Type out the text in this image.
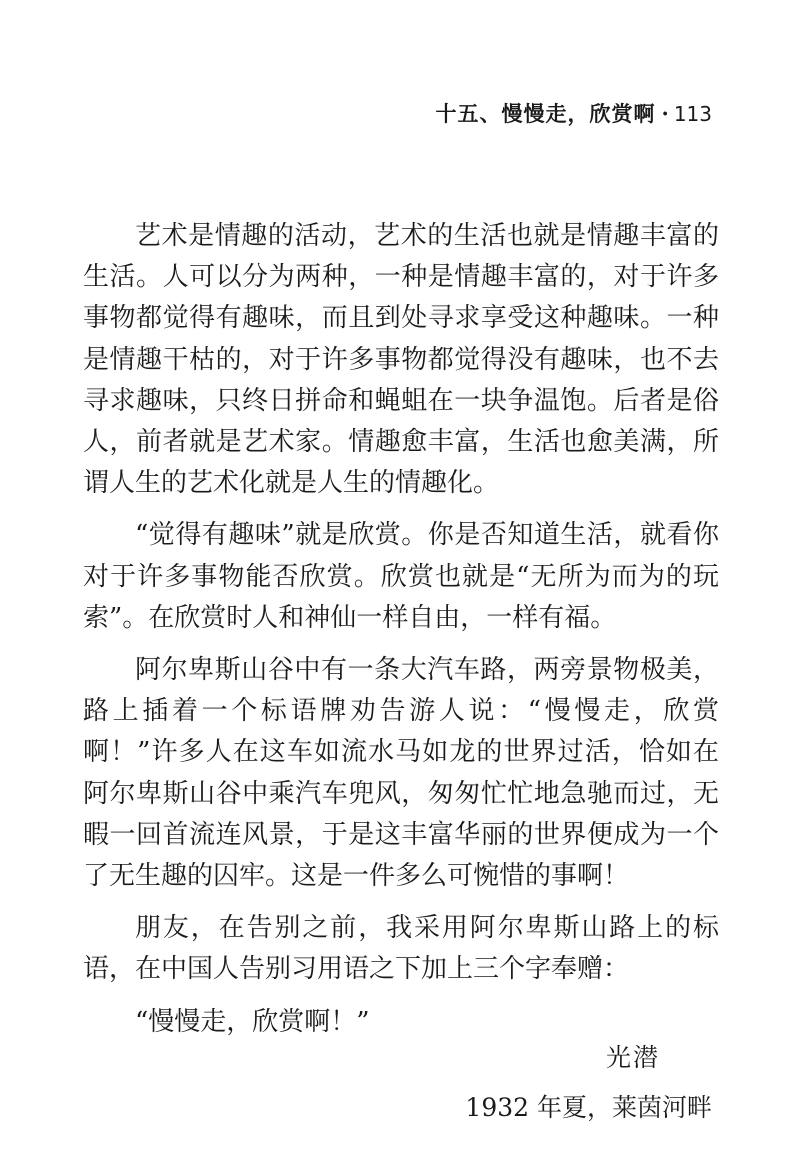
十五、慢慢走，欣赏啊 · 113

艺术是情趣的活动，艺术的生活也就是情趣丰富的生活。人可以分为两种，一种是情趣丰富的，对于许多事物都觉得有趣味，而且到处寻求享受这种趣味。一种是情趣干枯的，对于许多事物都觉得没有趣味，也不去寻求趣味，只终日拼命和蝇蛆在一块争温饱。后者是俗人，前者就是艺术家。情趣愈丰富，生活也愈美满，所谓人生的艺术化就是人生的情趣化。

“觉得有趣味”就是欣赏。你是否知道生活，就看你对于许多事物能否欣赏。欣赏也就是“无所为而为的玩索”。在欣赏时人和神仙一样自由，一样有福。

阿尔卑斯山谷中有一条大汽车路，两旁景物极美，路上插着一个标语牌劝告游人说：“慢慢走，欣赏啊！”许多人在这车如流水马如龙的世界过活，恰如在阿尔卑斯山谷中乘汽车兜风，匆匆忙忙地急驰而过，无暇一回首流连风景，于是这丰富华丽的世界便成为一个了无生趣的囚牢。这是一件多么可惋惜的事啊！

朋友，在告别之前，我采用阿尔卑斯山路上的标语，在中国人告别习用语之下加上三个字奉赠：

“慢慢走，欣赏啊！”

光潜
1932 年夏，莱茵河畔
